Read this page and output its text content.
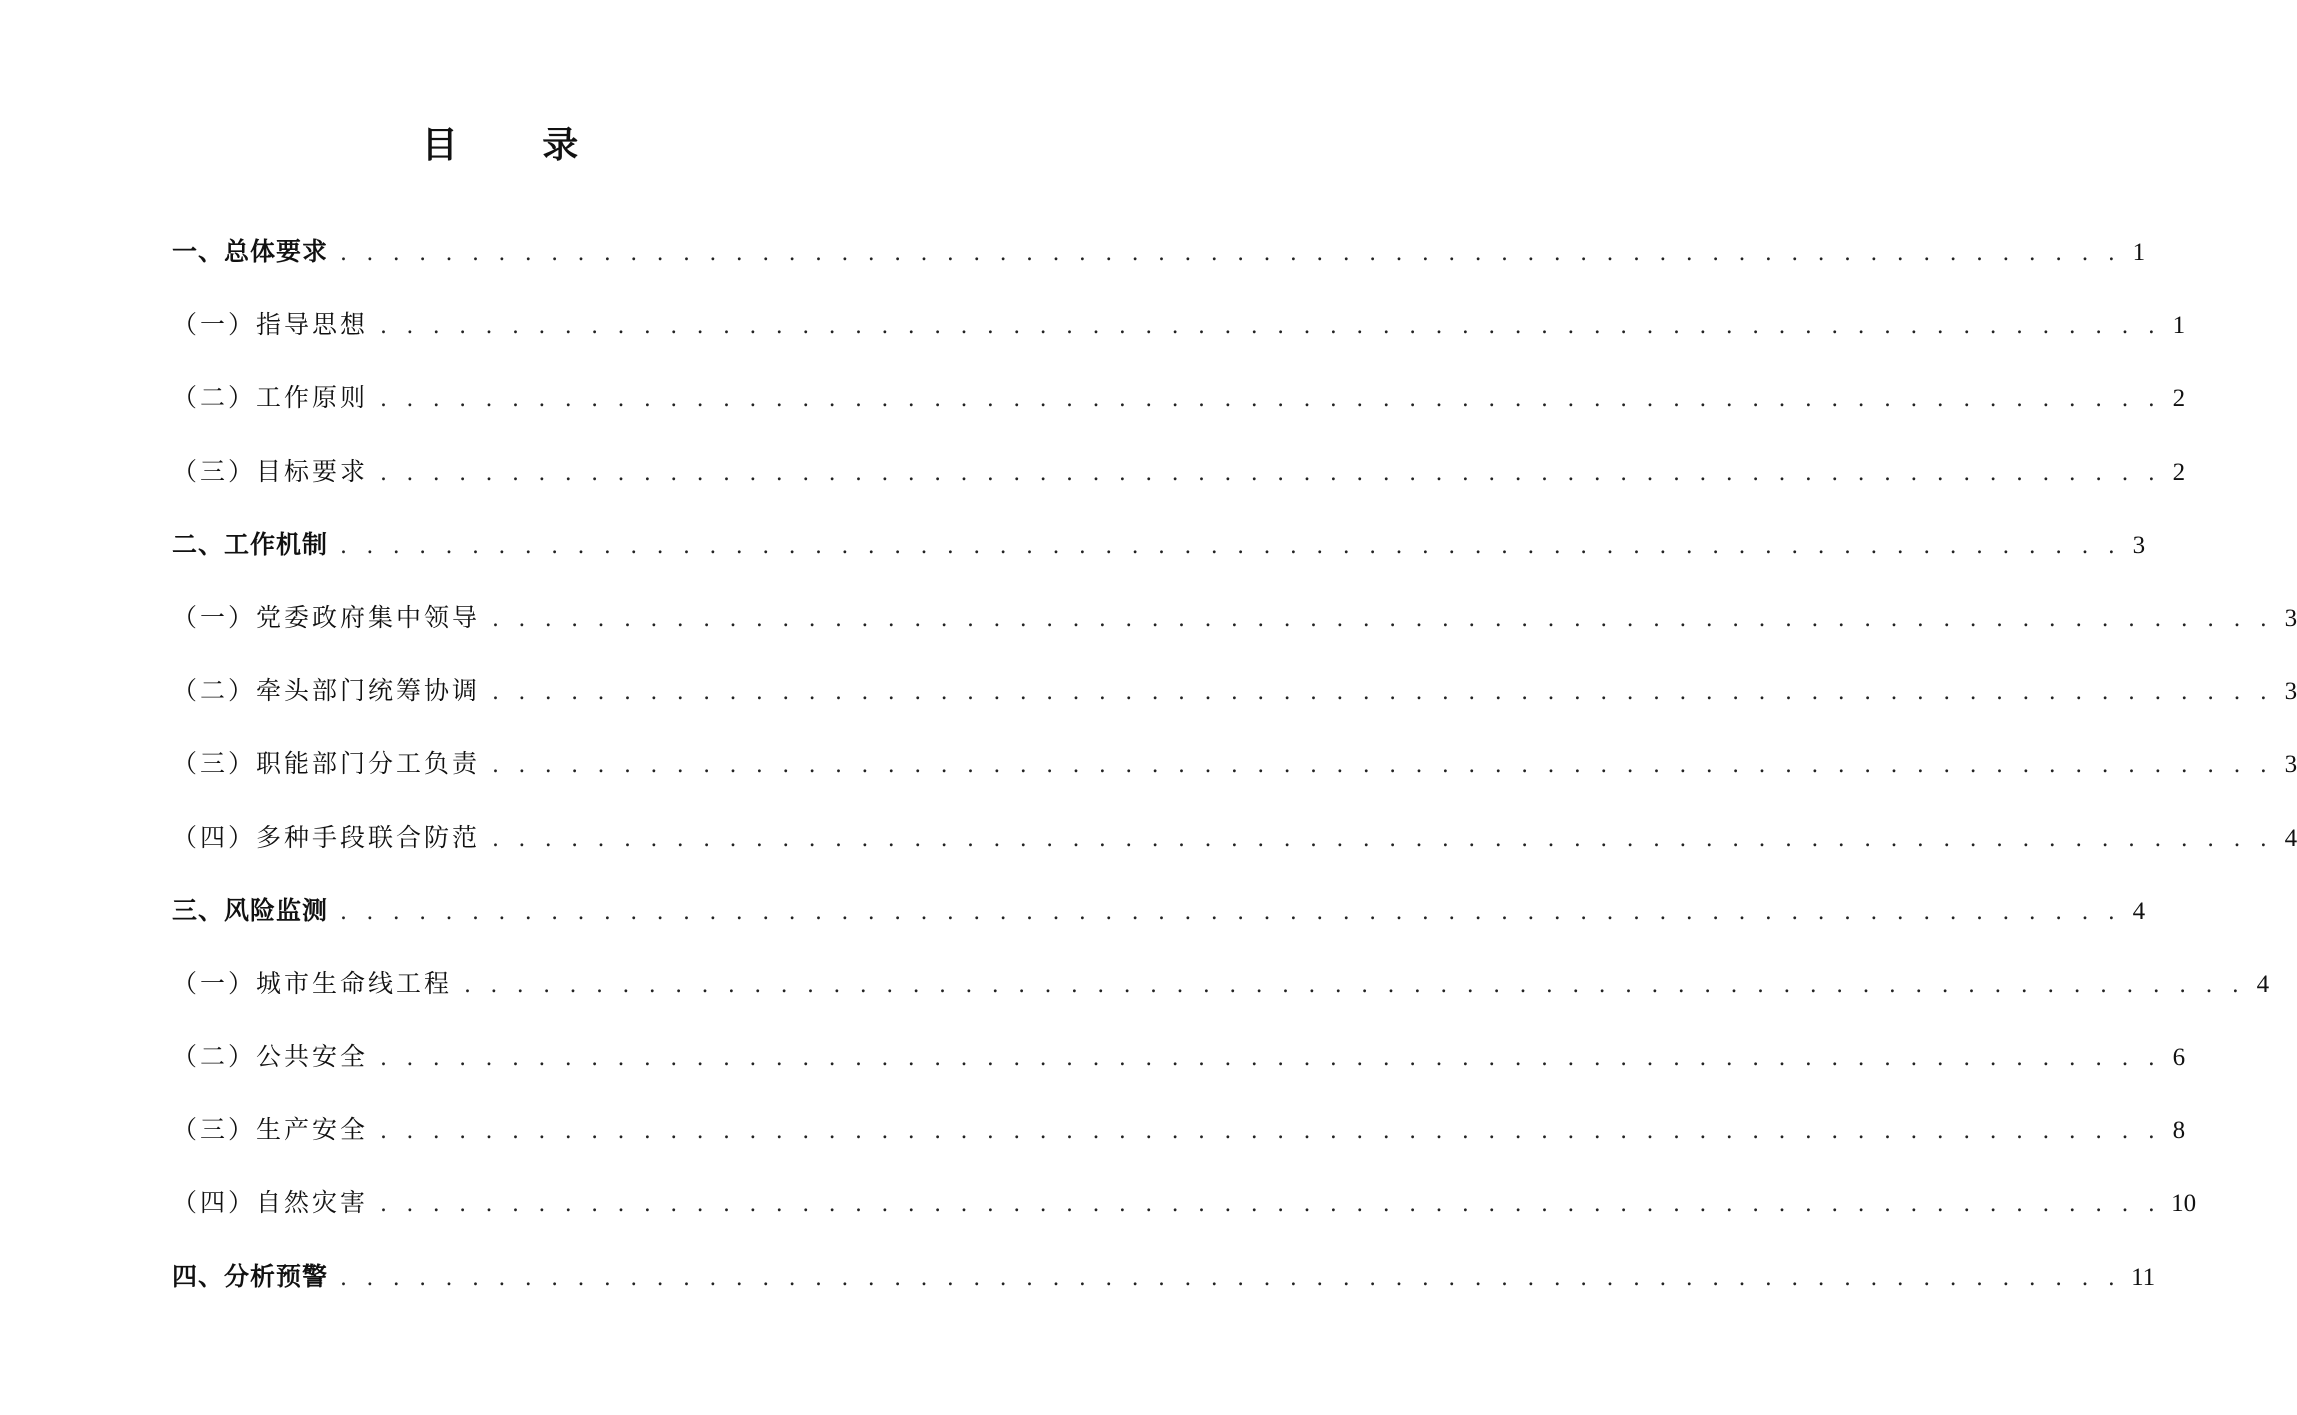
目 录
一、总体要求 . . . . . . . . . . . . . . . . . . . . . . . . . . . . . . . . . . . . . . . . . . . . . . . . . . . . . . . . . . . . . . . . . . . . 1
（一）指导思想 . . . . . . . . . . . . . . . . . . . . . . . . . . . . . . . . . . . . . . . . . . . . . . . . . . . . . . . . . . . . . . . . . . . . 1
（二）工作原则 . . . . . . . . . . . . . . . . . . . . . . . . . . . . . . . . . . . . . . . . . . . . . . . . . . . . . . . . . . . . . . . . . . . . 2
（三）目标要求 . . . . . . . . . . . . . . . . . . . . . . . . . . . . . . . . . . . . . . . . . . . . . . . . . . . . . . . . . . . . . . . . . . . . 2
二、工作机制 . . . . . . . . . . . . . . . . . . . . . . . . . . . . . . . . . . . . . . . . . . . . . . . . . . . . . . . . . . . . . . . . . . . . 3
（一）党委政府集中领导 . . . . . . . . . . . . . . . . . . . . . . . . . . . . . . . . . . . . . . . . . . . . . . . . . . . . . . . . . . . . . . . . . . . . 3
（二）牵头部门统筹协调 . . . . . . . . . . . . . . . . . . . . . . . . . . . . . . . . . . . . . . . . . . . . . . . . . . . . . . . . . . . . . . . . . . . . 3
（三）职能部门分工负责 . . . . . . . . . . . . . . . . . . . . . . . . . . . . . . . . . . . . . . . . . . . . . . . . . . . . . . . . . . . . . . . . . . . . 3
（四）多种手段联合防范 . . . . . . . . . . . . . . . . . . . . . . . . . . . . . . . . . . . . . . . . . . . . . . . . . . . . . . . . . . . . . . . . . . . . 4
三、风险监测 . . . . . . . . . . . . . . . . . . . . . . . . . . . . . . . . . . . . . . . . . . . . . . . . . . . . . . . . . . . . . . . . . . . . 4
（一）城市生命线工程 . . . . . . . . . . . . . . . . . . . . . . . . . . . . . . . . . . . . . . . . . . . . . . . . . . . . . . . . . . . . . . . . . . . . 4
（二）公共安全 . . . . . . . . . . . . . . . . . . . . . . . . . . . . . . . . . . . . . . . . . . . . . . . . . . . . . . . . . . . . . . . . . . . . 6
（三）生产安全 . . . . . . . . . . . . . . . . . . . . . . . . . . . . . . . . . . . . . . . . . . . . . . . . . . . . . . . . . . . . . . . . . . . . 8
（四）自然灾害 . . . . . . . . . . . . . . . . . . . . . . . . . . . . . . . . . . . . . . . . . . . . . . . . . . . . . . . . . . . . . . . . . . . . 10
四、分析预警 . . . . . . . . . . . . . . . . . . . . . . . . . . . . . . . . . . . . . . . . . . . . . . . . . . . . . . . . . . . . . . . . . . . . 11
